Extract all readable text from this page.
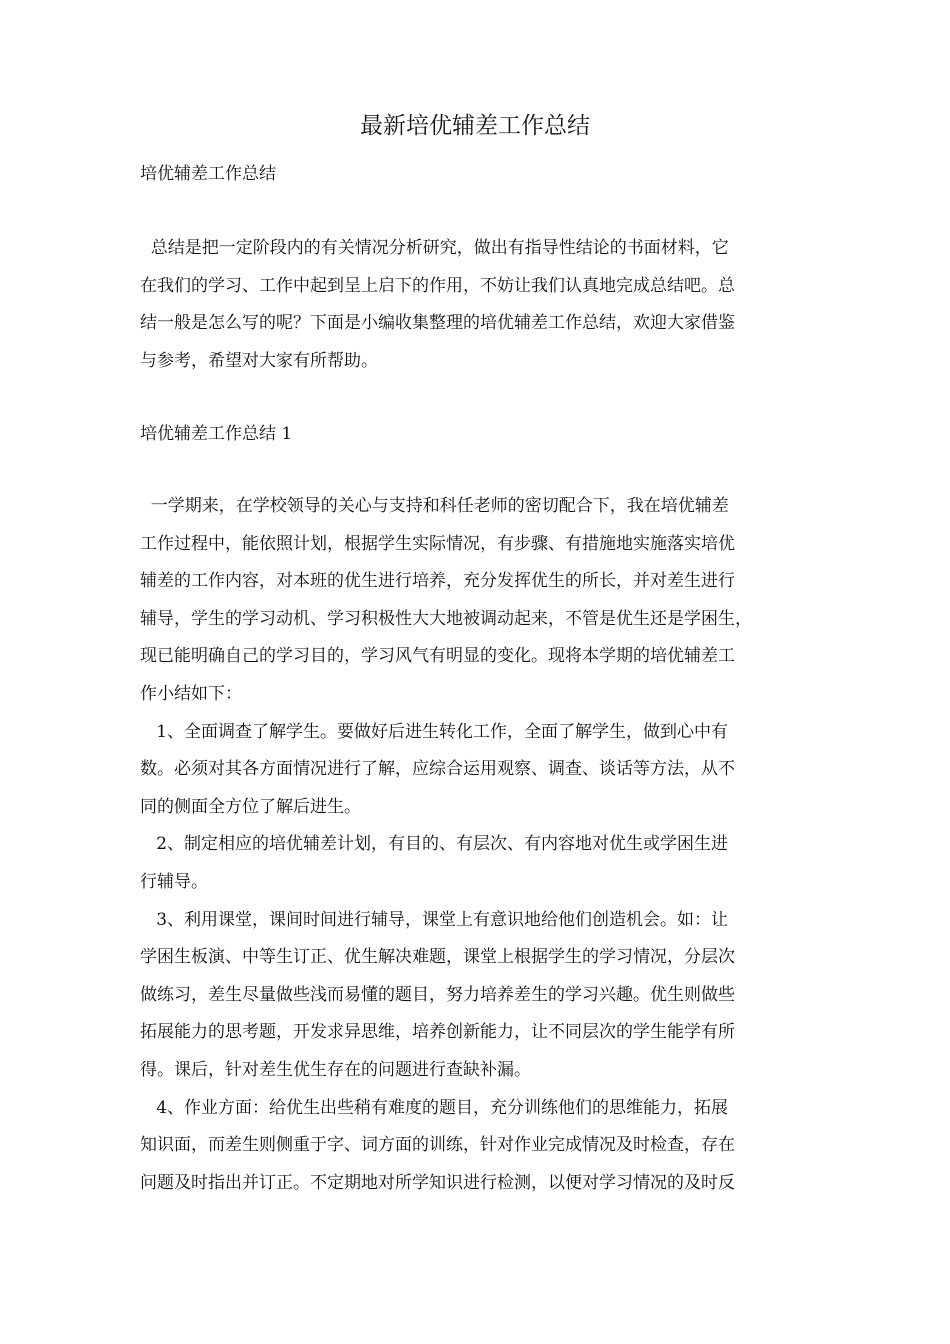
最新培优辅差工作总结

培优辅差工作总结

总结是把一定阶段内的有关情况分析研究，做出有指导性结论的书面材料，它
在我们的学习、工作中起到呈上启下的作用，不妨让我们认真地完成总结吧。总
结一般是怎么写的呢？下面是小编收集整理的培优辅差工作总结，欢迎大家借鉴
与参考，希望对大家有所帮助。

培优辅差工作总结 1

一学期来，在学校领导的关心与支持和科任老师的密切配合下，我在培优辅差
工作过程中，能依照计划，根据学生实际情况，有步骤、有措施地实施落实培优
辅差的工作内容，对本班的优生进行培养，充分发挥优生的所长，并对差生进行
辅导，学生的学习动机、学习积极性大大地被调动起来，不管是优生还是学困生，
现已能明确自己的学习目的，学习风气有明显的变化。现将本学期的培优辅差工
作小结如下：
1、全面调查了解学生。要做好后进生转化工作，全面了解学生，做到心中有
数。必须对其各方面情况进行了解，应综合运用观察、调查、谈话等方法，从不
同的侧面全方位了解后进生。
2、制定相应的培优辅差计划，有目的、有层次、有内容地对优生或学困生进
行辅导。
3、利用课堂，课间时间进行辅导，课堂上有意识地给他们创造机会。如：让
学困生板演、中等生订正、优生解决难题，课堂上根据学生的学习情况，分层次
做练习，差生尽量做些浅而易懂的题目，努力培养差生的学习兴趣。优生则做些
拓展能力的思考题，开发求异思维，培养创新能力，让不同层次的学生能学有所
得。课后，针对差生优生存在的问题进行查缺补漏。
4、作业方面：给优生出些稍有难度的题目，充分训练他们的思维能力，拓展
知识面，而差生则侧重于字、词方面的训练，针对作业完成情况及时检查，存在
问题及时指出并订正。不定期地对所学知识进行检测，以便对学习情况的及时反
